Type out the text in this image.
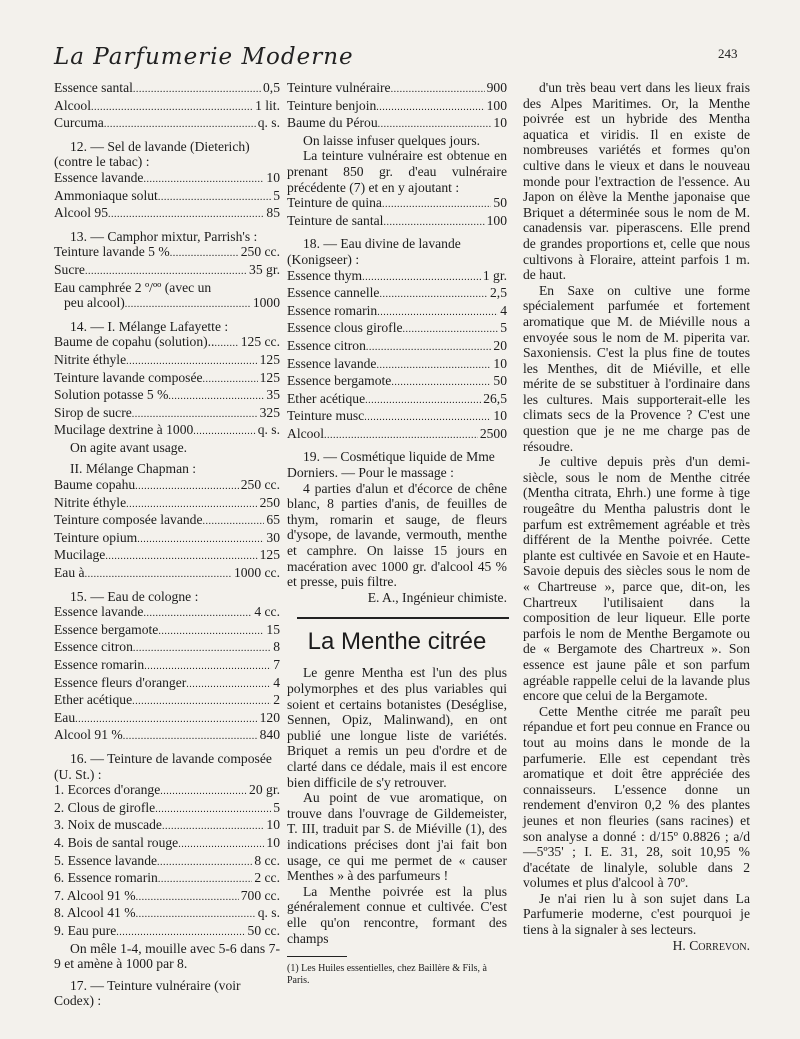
La Parfumerie Moderne	243
Essence santal . . .	0,5
Alcool . . .	1 lit.
Curcuma . . .	q. s.
12. — Sel de lavande (Dieterich) (contre le tabac) :
Essence lavande . . .	10
Ammoniaque solut . . .	5
Alcool 95 . . .	85
13. — Camphor mixtur, Parrish's :
Teinture lavande 5 % . . .	250 cc.
Sucre . . .	35 gr.
Eau camphrée 2 º/ºº (avec un
peu alcool) . . .	1000
14. — I. Mélange Lafayette :
Baume de copahu (solution).. . . . 125 cc.
Nitrite éthyle . . .	125
Teinture lavande composée . . .	125
Solution potasse 5 % . . .	35
Sirop de sucre . . .	325
Mucilage dextrine à 1000 . . .	q. s.
On agite avant usage.
II. Mélange Chapman :
Baume copahu . . .	250 cc.
Nitrite éthyle . . .	250
Teinture composée lavande . . .	65
Teinture opium . . .	30
Mucilage . . .	125
Eau à . . .	1000 cc.
15. — Eau de cologne :
Essence lavande . . .	4 cc.
Essence bergamote . . .	15
Essence citron . . .	8
Essence romarin . . .	7
Essence fleurs d'oranger . . .	4
Ether acétique . . .	2
Eau . . .	120
Alcool 91 % . . .	840
16. — Teinture de lavande composée (U. St.) :
1. Ecorces d'orange . . .	20 gr.
2. Clous de girofle . . .	5
3. Noix de muscade . . .	10
4. Bois de santal rouge . . .	10
5. Essence lavande . . .	8 cc.
6. Essence romarin . . .	2 cc.
7. Alcool 91 % . . .	700 cc.
8. Alcool 41 % . . .	q. s.
9. Eau pure . . .	50 cc.
On mêle 1-4, mouille avec 5-6 dans 7-9 et amène à 1000 par 8.
17. — Teinture vulnéraire (voir Codex) :
Teinture vulnéraire . . .	900
Teinture benjoin . . .	100
Baume du Pérou . . .	10
On laisse infuser quelques jours.
La teinture vulnéraire est obtenue en prenant 850 gr. d'eau vulnéraire précédente (7) et en y ajoutant :
Teinture de quina . . .	50
Teinture de santal . . .	100
18. — Eau divine de lavande (Konigseer) :
Essence thym . . .	1 gr.
Essence cannelle . . .	2,5
Essence romarin . . .	4
Essence clous girofle . . .	5
Essence citron . . .	20
Essence lavande . . .	10
Essence bergamote . . .	50
Ether acétique . . .	26,5
Teinture musc . . .	10
Alcool . . .	2500
19. — Cosmétique liquide de Mme Dorniers. — Pour le massage :
4 parties d'alun et d'écorce de chêne blanc, 8 parties d'anis, de feuilles de thym, romarin et sauge, de fleurs d'ysope, de lavande, vermouth, menthe et camphre. On laisse 15 jours en macération avec 1000 gr. d'alcool 45 % et presse, puis filtre.
E. A., Ingénieur chimiste.
La Menthe citrée
Le genre Mentha est l'un des plus polymorphes et des plus variables qui soient et certains botanistes (Deséglise, Sennen, Opiz, Malinwand), en ont publié une longue liste de variétés. Briquet a remis un peu d'ordre et de clarté dans ce dédale, mais il est encore bien difficile de s'y retrouver.
Au point de vue aromatique, on trouve dans l'ouvrage de Gildemeister, T. III, traduit par S. de Miéville (1), des indications précises dont j'ai fait bon usage, ce qui me permet de « causer Menthes » à des parfumeurs !
La Menthe poivrée est la plus généralement connue et cultivée. C'est elle qu'on rencontre, formant des champs
(1) Les Huiles essentielles, chez Baillère & Fils, à Paris.
d'un très beau vert dans les lieux frais des Alpes Maritimes. Or, la Menthe poivrée est un hybride des Mentha aquatica et viridis. Il en existe de nombreuses variétés et formes qu'on cultive dans le vieux et dans le nouveau monde pour l'extraction de l'essence. Au Japon on élève la Menthe japonaise que Briquet a déterminée sous le nom de M. canadensis var. piperascens. Elle prend de grandes proportions et, celle que nous cultivons à Floraire, atteint parfois 1 m. de haut.
En Saxe on cultive une forme spécialement parfumée et fortement aromatique que M. de Miéville nous a envoyée sous le nom de M. piperita var. Saxoniensis. C'est la plus fine de toutes les Menthes, dit de Miéville, et elle mérite de se substituer à l'ordinaire dans les cultures. Mais supporterait-elle les climats secs de la Provence ? C'est une question que je ne me charge pas de résoudre.
Je cultive depuis près d'un demi-siècle, sous le nom de Menthe citrée (Mentha citrata, Ehrh.) une forme à tige rougeâtre du Mentha palustris dont le parfum est extrêmement agréable et très différent de la Menthe poivrée. Cette plante est cultivée en Savoie et en Haute-Savoie depuis des siècles sous le nom de « Chartreuse », parce que, dit-on, les Chartreux l'utilisaient dans la composition de leur liqueur. Elle porte parfois le nom de Menthe Bergamote ou de « Bergamote des Chartreux ». Son essence est jaune pâle et son parfum agréable rappelle celui de la lavande plus encore que celui de la Bergamote.
Cette Menthe citrée me paraît peu répandue et fort peu connue en France ou tout au moins dans le monde de la parfumerie. Elle est cependant très aromatique et doit être appréciée des connaisseurs. L'essence donne un rendement d'environ 0,2 % des plantes jeunes et non fleuries (sans racines) et son analyse a donné : d/15º 0.8826 ; a/d —5º35' ; I. E. 31, 28, soit 10,95 % d'acétate de linalyle, soluble dans 2 volumes et plus d'alcool à 70º.
Je n'ai rien lu à son sujet dans La Parfumerie moderne, c'est pourquoi je tiens à la signaler à ses lecteurs.
H. Correvon.
